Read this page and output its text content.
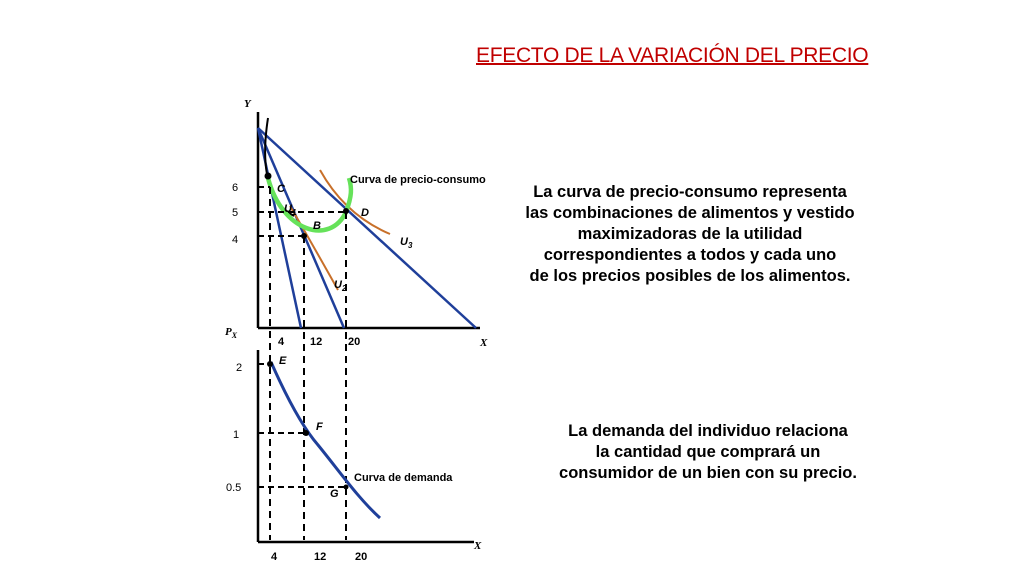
EFECTO DE LA VARIACIÓN DEL PRECIO
Y
X
6
5
4
4 12 20
C
B
D
$U_1$
$U_3$
$U_2$
Curva de precio-consumo
$P_X$
X
2
1
0.5
4	12	20
E
F
G
Curva de demanda
La curva de precio-consumo representa
las combinaciones de alimentos y vestido
maximizadoras de la utilidad
correspondientes a todos y cada uno
de los precios posibles de los alimentos.
La demanda del individuo relaciona
la cantidad que comprará un
consumidor de un bien con su precio.
